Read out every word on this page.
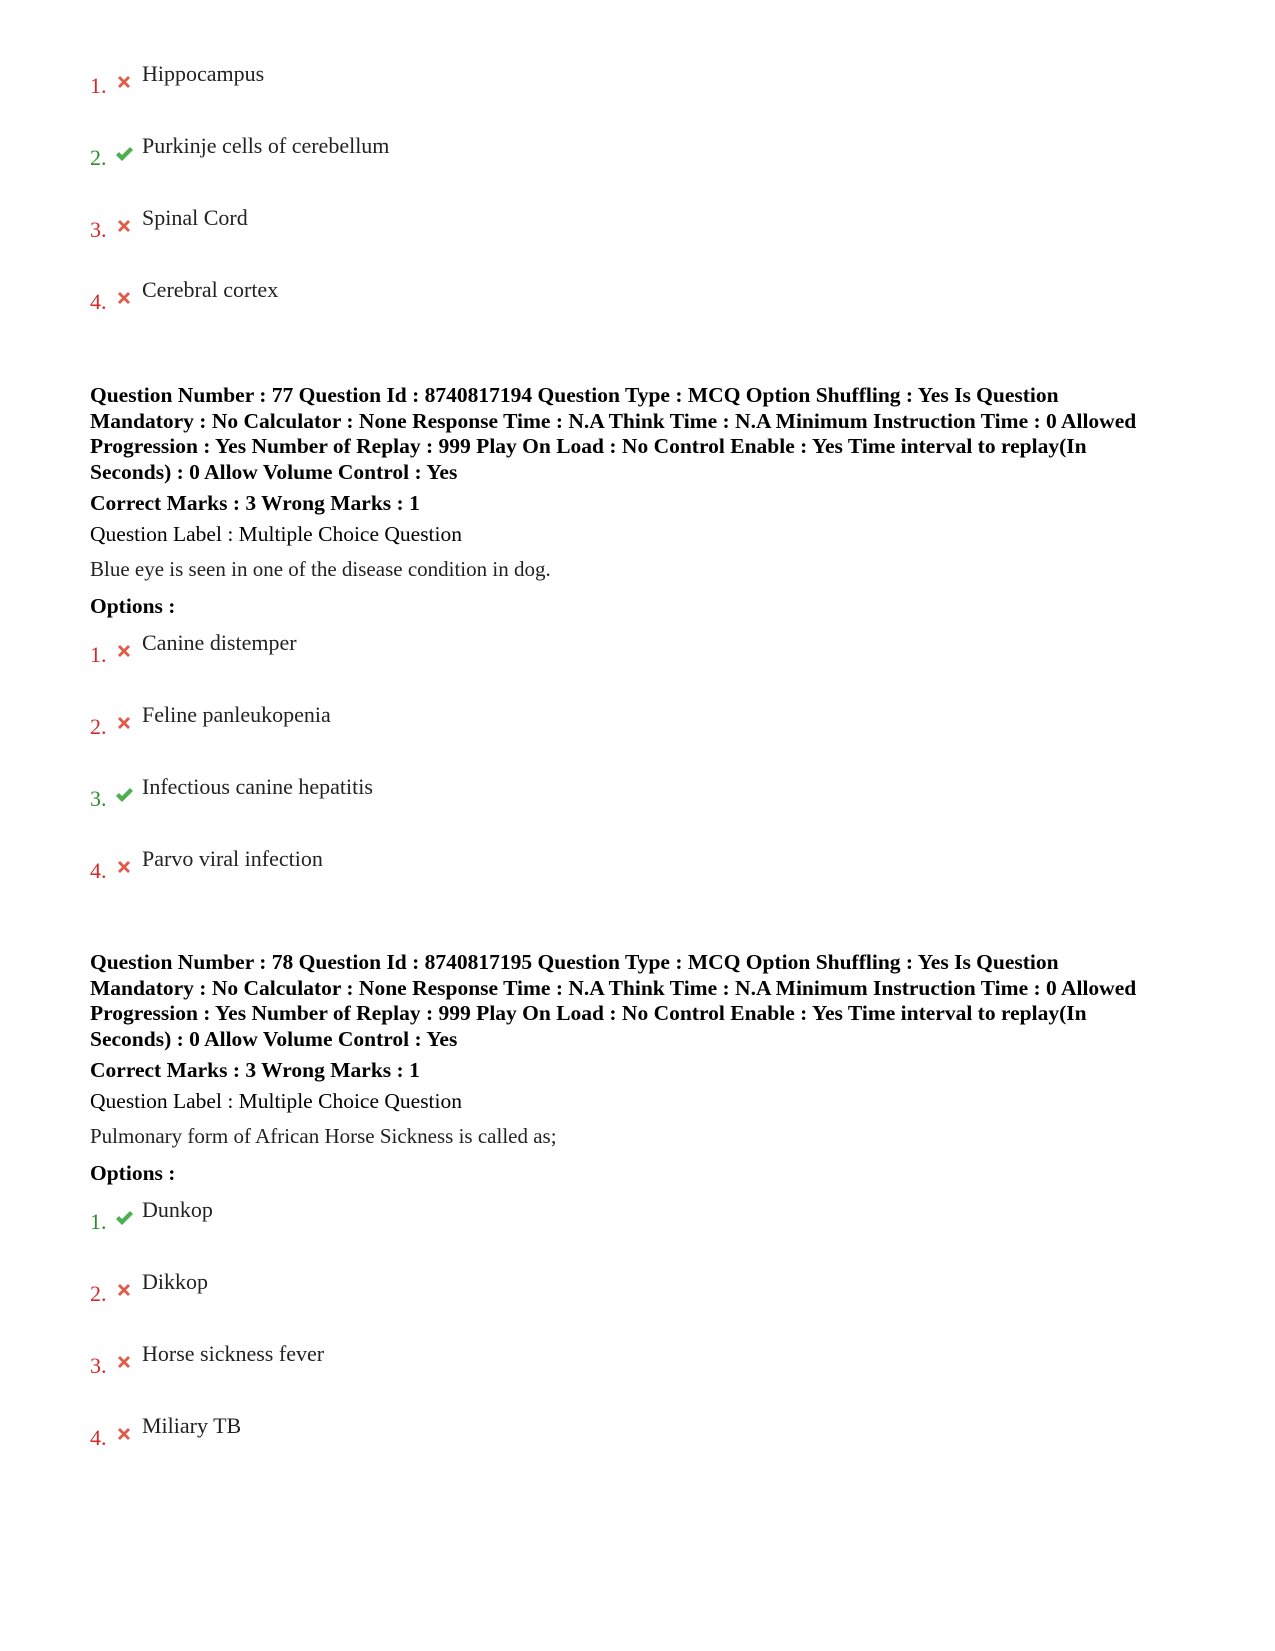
1. Hippocampus
2. Purkinje cells of cerebellum
3. Spinal Cord
4. Cerebral cortex

Question Number : 77 Question Id : 8740817194 Question Type : MCQ Option Shuffling : Yes Is Question Mandatory : No Calculator : None Response Time : N.A Think Time : N.A Minimum Instruction Time : 0 Allowed Progression : Yes Number of Replay : 999 Play On Load : No Control Enable : Yes Time interval to replay(In Seconds) : 0 Allow Volume Control : Yes

Correct Marks : 3 Wrong Marks : 1

Question Label : Multiple Choice Question

Blue eye is seen in one of the disease condition in dog.

Options :

1. Canine distemper
2. Feline panleukopenia
3. Infectious canine hepatitis
4. Parvo viral infection

Question Number : 78 Question Id : 8740817195 Question Type : MCQ Option Shuffling : Yes Is Question Mandatory : No Calculator : None Response Time : N.A Think Time : N.A Minimum Instruction Time : 0 Allowed Progression : Yes Number of Replay : 999 Play On Load : No Control Enable : Yes Time interval to replay(In Seconds) : 0 Allow Volume Control : Yes

Correct Marks : 3 Wrong Marks : 1

Question Label : Multiple Choice Question

Pulmonary form of African Horse Sickness is called as;

Options :

1. Dunkop
2. Dikkop
3. Horse sickness fever
4. Miliary TB
